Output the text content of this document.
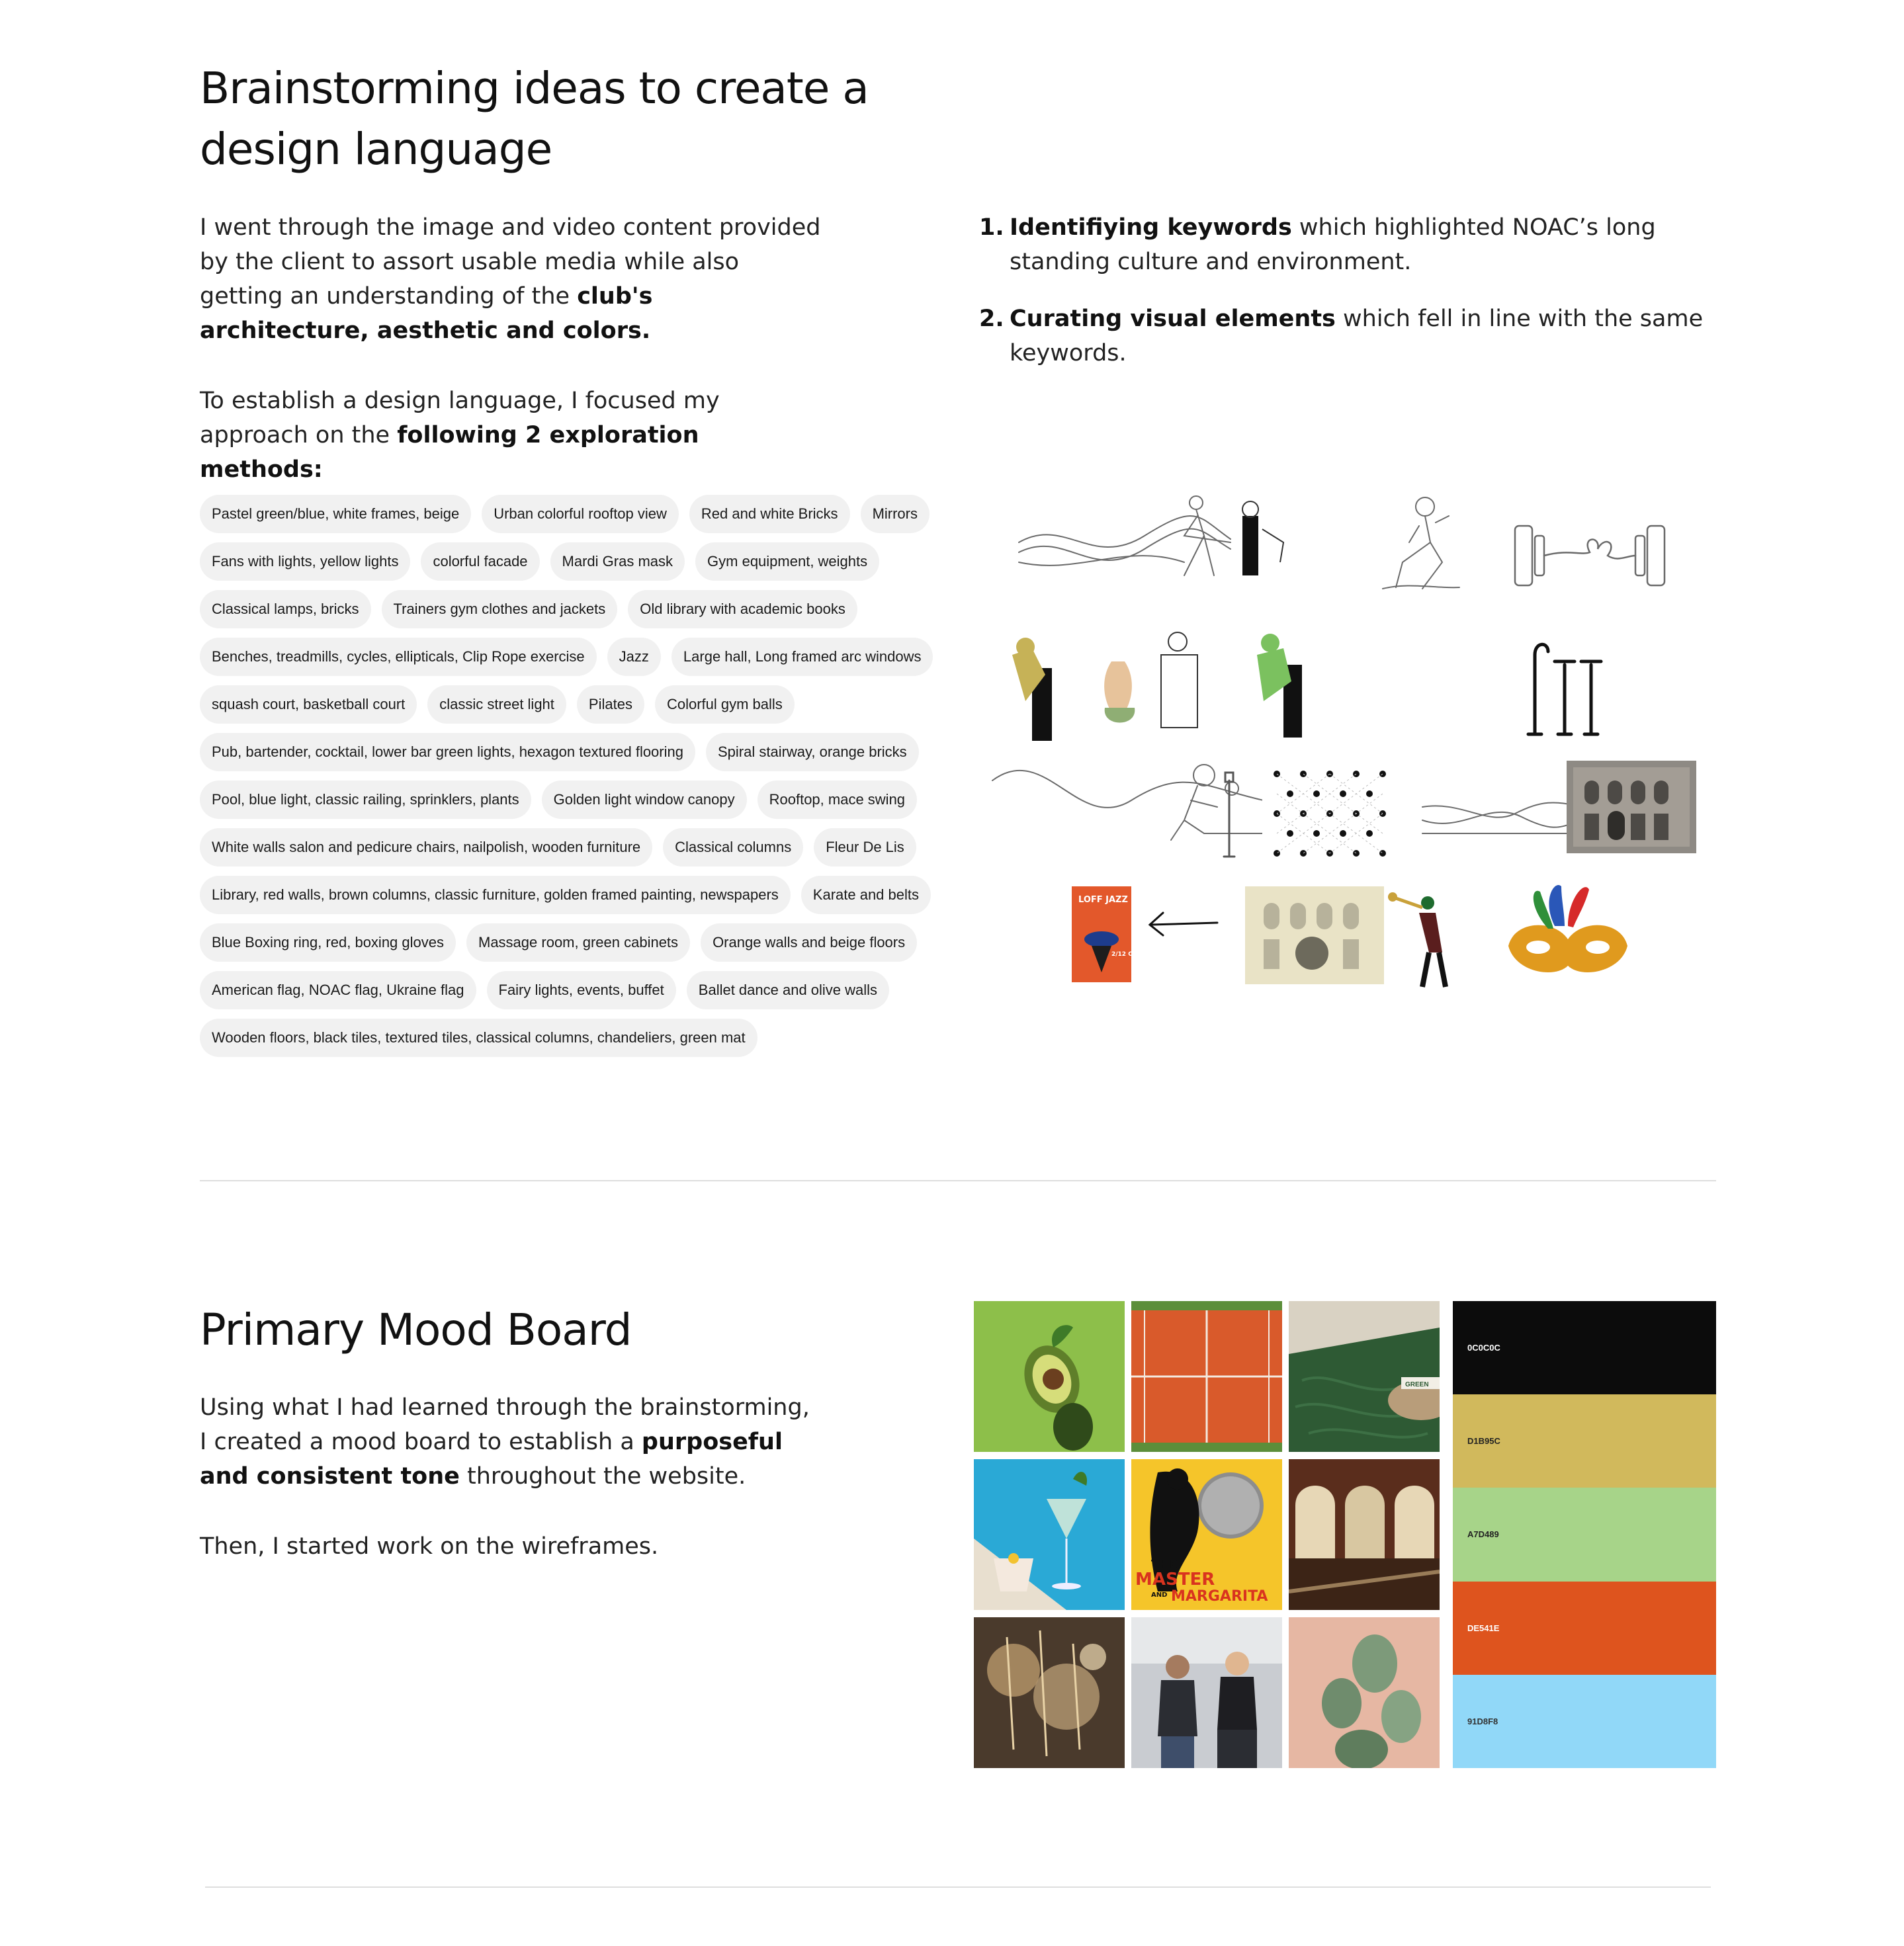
Brainstorming ideas to create a design language

I went through the image and video content provided by the client to assort usable media while also getting an understanding of the club's architecture, aesthetic and colors.

To establish a design language, I focused my approach on the following 2 exploration methods:

1. Identifiying keywords which highlighted NOAC’s long standing culture and environment.
2. Curating visual elements which fell in line with the same keywords.
Pastel green/blue, white frames, beige	Urban colorful rooftop view	Red and white Bricks	Mirrors
Fans with lights, yellow lights	colorful facade	Mardi Gras mask	Gym equipment, weights
Classical lamps, bricks	Trainers gym clothes and jackets	Old library with academic books
Benches, treadmills, cycles, ellipticals, Clip Rope exercise	Jazz	Large hall, Long framed arc windows
squash court, basketball court	classic street light	Pilates	Colorful gym balls
Pub, bartender, cocktail, lower bar green lights, hexagon textured flooring	Spiral stairway, orange bricks
Pool, blue light, classic railing, sprinklers, plants	Golden light window canopy	Rooftop, mace swing
White walls salon and pedicure chairs, nailpolish, wooden furniture	Classical columns	Fleur De Lis
Library, red walls, brown columns, classic furniture, golden framed painting, newspapers	Karate and belts
Blue Boxing ring, red, boxing gloves	Massage room, green cabinets	Orange walls and beige floors
American flag, NOAC flag, Ukraine flag	Fairy lights, events, buffet	Ballet dance and olive walls
Wooden floors, black tiles, textured tiles, classical columns, chandeliers, green mat
LOFF JAZZ
2/12 Oct.
Primary Mood Board

Using what I had learned through the brainstorming, I created a mood board to establish a purposeful and consistent tone throughout the website.

Then, I started work on the wireframes.

GREEN
THE
MASTER
AND MARGARITA
0C0C0C
D1B95C
A7D489
DE541E
91D8F8
